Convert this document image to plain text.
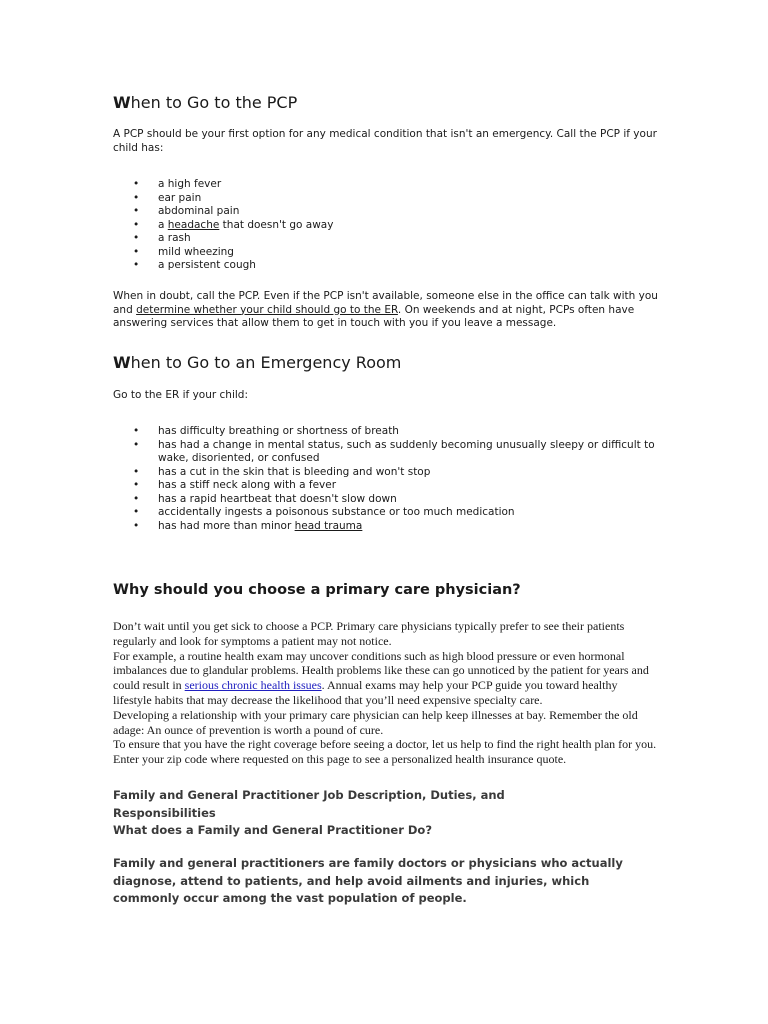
When to Go to the PCP

A PCP should be your first option for any medical condition that isn't an emergency. Call the PCP if your child has:

• a high fever
• ear pain
• abdominal pain
• a headache that doesn't go away
• a rash
• mild wheezing
• a persistent cough

When in doubt, call the PCP. Even if the PCP isn't available, someone else in the office can talk with you and determine whether your child should go to the ER. On weekends and at night, PCPs often have answering services that allow them to get in touch with you if you leave a message.

When to Go to an Emergency Room

Go to the ER if your child:

• has difficulty breathing or shortness of breath
• has had a change in mental status, such as suddenly becoming unusually sleepy or difficult to wake, disoriented, or confused
• has a cut in the skin that is bleeding and won't stop
• has a stiff neck along with a fever
• has a rapid heartbeat that doesn't slow down
• accidentally ingests a poisonous substance or too much medication
• has had more than minor head trauma
Why should you choose a primary care physician?

Don’t wait until you get sick to choose a PCP. Primary care physicians typically prefer to see their patients regularly and look for symptoms a patient may not notice.

For example, a routine health exam may uncover conditions such as high blood pressure or even hormonal imbalances due to glandular problems. Health problems like these can go unnoticed by the patient for years and could result in serious chronic health issues. Annual exams may help your PCP guide you toward healthy lifestyle habits that may decrease the likelihood that you’ll need expensive specialty care.

Developing a relationship with your primary care physician can help keep illnesses at bay. Remember the old adage: An ounce of prevention is worth a pound of cure.

To ensure that you have the right coverage before seeing a doctor, let us help to find the right health plan for you. Enter your zip code where requested on this page to see a personalized health insurance quote.

Family and General Practitioner Job Description, Duties, and Responsibilities

What does a Family and General Practitioner Do?

Family and general practitioners are family doctors or physicians who actually diagnose, attend to patients, and help avoid ailments and injuries, which commonly occur among the vast population of people.
